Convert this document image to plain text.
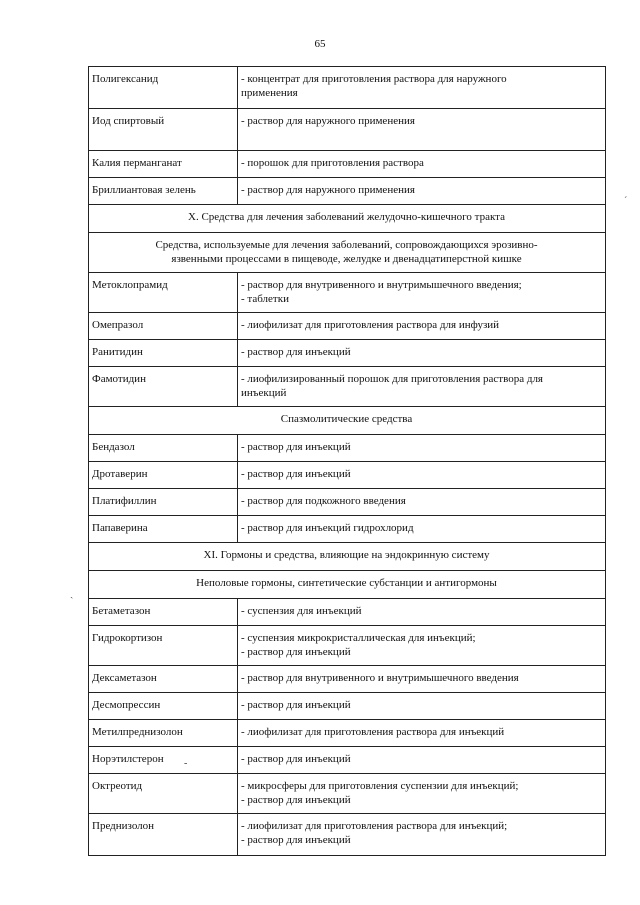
65
Полигексанид	- концентрат для приготовления раствора для наружного
применения
Иод спиртовый	- раствор для наружного применения
Калия перманганат	- порошок для приготовления раствора
Бриллиантовая зелень	- раствор для наружного применения
X. Средства для лечения заболеваний желудочно-кишечного тракта	
Средства, используемые для лечения заболеваний, сопровождающихся эрозивно-
язвенными процессами в пищеводе, желудке и двенадцатиперстной кишке	
Метоклопрамид	- раствор для внутривенного и внутримышечного введения;
- таблетки
Омепразол	- лиофилизат для приготовления раствора для инфузий
Ранитидин	- раствор для инъекций
Фамотидин	- лиофилизированный порошок для приготовления раствора для
инъекций
Спазмолитические средства	
Бендазол	- раствор для инъекций
Дротаверин	- раствор для инъекций
Платифиллин	- раствор для подкожного введения
Папаверина	- раствор для инъекций гидрохлорид
XI. Гормоны и средства, влияющие на эндокринную систему	
Неполовые гормоны, синтетические субстанции и антигормоны	
Бетаметазон	- суспензия для инъекций
Гидрокортизон	- суспензия микрокристаллическая для инъекций;
- раствор для инъекций
Дексаметазон	- раствор для внутривенного и внутримышечного введения
Десмопрессин	- раствор для инъекций
Метилпреднизолон	- лиофилизат для приготовления раствора для инъекций
Норэтилстерон	- раствор для инъекций
Октреотид	- микросферы для приготовления суспензии для инъекций;
- раствор для инъекций
Преднизолон	- лиофилизат для приготовления раствора для инъекций;
- раствор для инъекций
ˊ
ˎ
-
